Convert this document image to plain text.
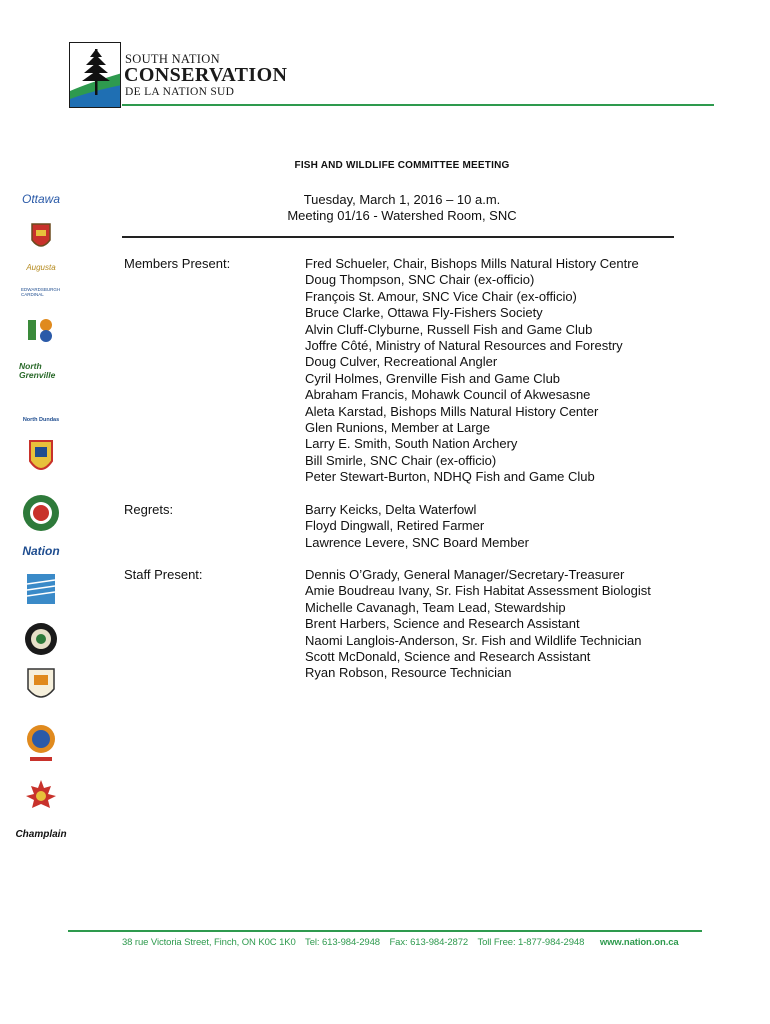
SOUTH NATION
CONSERVATION
DE LA NATION SUD
Ottawa
Augusta
EDWARDSBURGH CARDINAL
North Grenville
North Dundas
Nation
Champlain
FISH AND WILDLIFE COMMITTEE MEETING
Tuesday, March 1, 2016 – 10 a.m.
Meeting 01/16 - Watershed Room, SNC
Members Present:	Fred Schueler, Chair, Bishops Mills Natural History Centre
Doug Thompson, SNC Chair (ex-officio)
François St. Amour, SNC Vice Chair (ex-officio)
Bruce Clarke, Ottawa Fly-Fishers Society
Alvin Cluff-Clyburne, Russell Fish and Game Club
Joffre Côté, Ministry of Natural Resources and Forestry
Doug Culver, Recreational Angler
Cyril Holmes, Grenville Fish and Game Club
Abraham Francis, Mohawk Council of Akwesasne
Aleta Karstad, Bishops Mills Natural History Center
Glen Runions, Member at Large
Larry E. Smith, South Nation Archery
Bill Smirle, SNC Chair (ex-officio)
Peter Stewart-Burton, NDHQ Fish and Game Club
Regrets:	Barry Keicks, Delta Waterfowl
Floyd Dingwall, Retired Farmer
Lawrence Levere, SNC Board Member
Staff Present:	Dennis O’Grady, General Manager/Secretary-Treasurer
Amie Boudreau Ivany, Sr. Fish Habitat Assessment Biologist
Michelle Cavanagh, Team Lead, Stewardship
Brent Harbers, Science and Research Assistant
Naomi Langlois-Anderson, Sr. Fish and Wildlife Technician
Scott McDonald, Science and Research Assistant
Ryan Robson, Resource Technician
38 rue Victoria Street, Finch, ON K0C 1K0 Tel: 613-984-2948 Fax: 613-984-2872 Toll Free: 1-877-984-2948 www.nation.on.ca
